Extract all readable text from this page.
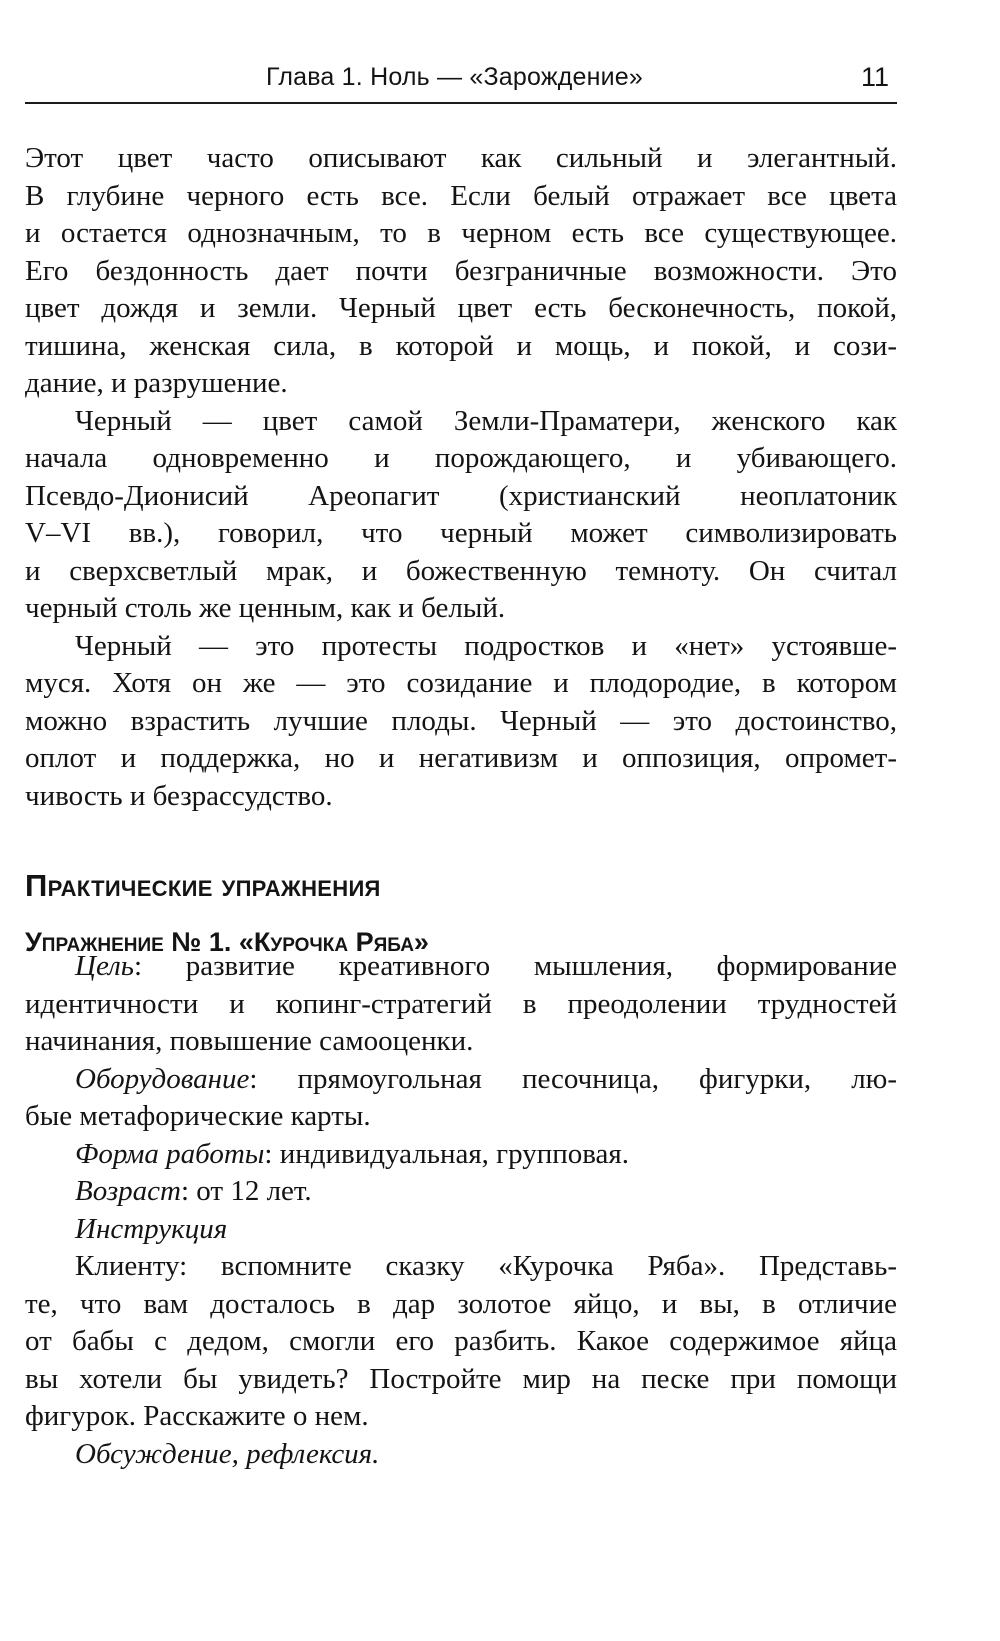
Глава 1. Ноль — «Зарождение»	11
Этот цвет часто описывают как сильный и элегантный.
В глубине черного есть все. Если белый отражает все цвета
и остается однозначным, то в черном есть все существующее.
Его бездонность дает почти безграничные возможности. Это
цвет дождя и земли. Черный цвет есть бесконечность, покой,
тишина, женская сила, в которой и мощь, и покой, и сози-
дание, и разрушение.
Черный — цвет самой Земли-Праматери, женского как
начала одновременно и порождающего, и убивающего.
Псевдо-Дионисий Ареопагит (христианский неоплатоник
V–VI вв.), говорил, что черный может символизировать
и сверхсветлый мрак, и божественную темноту. Он считал
черный столь же ценным, как и белый.
Черный — это протесты подростков и «нет» устоявше-
муся. Хотя он же — это созидание и плодородие, в котором
можно взрастить лучшие плоды. Черный — это достоинство,
оплот и поддержка, но и негативизм и оппозиция, опромет-
чивость и безрассудство.
Практические упражнения
Упражнение № 1. «Курочка Ряба»
Цель: развитие креативного мышления, формирование
идентичности и копинг-стратегий в преодолении трудностей
начинания, повышение самооценки.
Оборудование: прямоугольная песочница, фигурки, лю-
бые метафорические карты.
Форма работы: индивидуальная, групповая.
Возраст: от 12 лет.
Инструкция
Клиенту: вспомните сказку «Курочка Ряба». Представь-
те, что вам досталось в дар золотое яйцо, и вы, в отличие
от бабы с дедом, смогли его разбить. Какое содержимое яйца
вы хотели бы увидеть? Постройте мир на песке при помощи
фигурок. Расскажите о нем.
Обсуждение, рефлексия.
